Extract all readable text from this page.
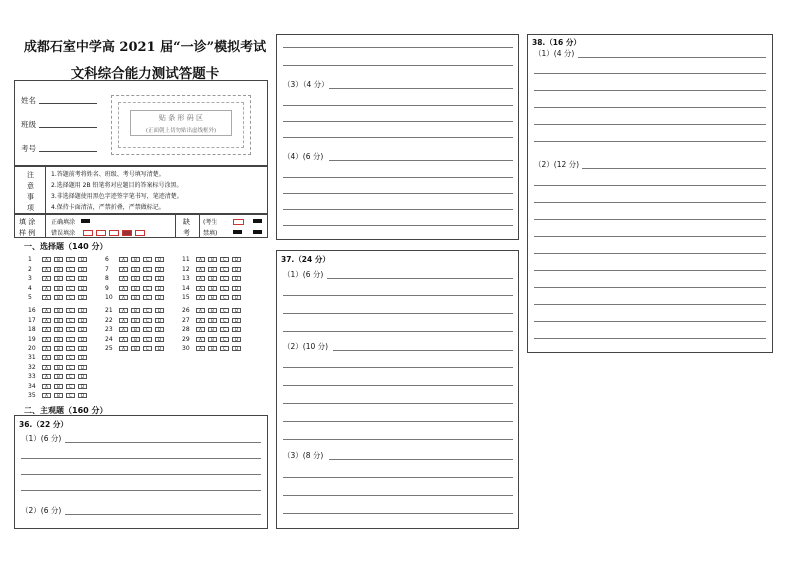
成都石室中学高 2021 届“一诊”模拟考试
文科综合能力测试答题卡
姓名
班级
考号
贴 条 形 码 区
(正面朝上切勿贴出虚线框外)
注
意
事
项
1.答题前考将姓名、班级、考号填写清楚。
2.选择题用 2B 铅笔将对应题目的答案标号涂黑。
3.非选择题使用黑色字迹签字笔书写，笔迹清楚。
4.保持卡面清洁，严禁折叠，严禁做标记。
填 涂
样 例
正确填涂
错误填涂
缺
考
(考生
禁填)
一、选择题（140 分）
1	A	B	C	D
2	A	B	C	D
3	A	B	C	D
4	A	B	C	D
5	A	B	C	D
6	A	B	C	D
7	A	B	C	D
8	A	B	C	D
9	A	B	C	D
10	A	B	C	D
11	A	B	C	D
12	A	B	C	D
13	A	B	C	D
14	A	B	C	D
15	A	B	C	D
16	A	B	C	D
17	A	B	C	D
18	A	B	C	D
19	A	B	C	D
20	A	B	C	D
21	A	B	C	D
22	A	B	C	D
23	A	B	C	D
24	A	B	C	D
25	A	B	C	D
26	A	B	C	D
27	A	B	C	D
28	A	B	C	D
29	A	B	C	D
30	A	B	C	D
31	A	B	C	D
32	A	B	C	D
33	A	B	C	D
34	A	B	C	D
35	A	B	C	D
二、主观题（160 分）
36.（22 分）
（1）(6 分)
（2）(6 分)
（3）（4 分）
（4）(6 分)
37.（24 分）
（1）(6 分)
（2）(10 分)
（3）(8 分)
38.（16 分）
（1）(4 分)
（2）(12 分)
